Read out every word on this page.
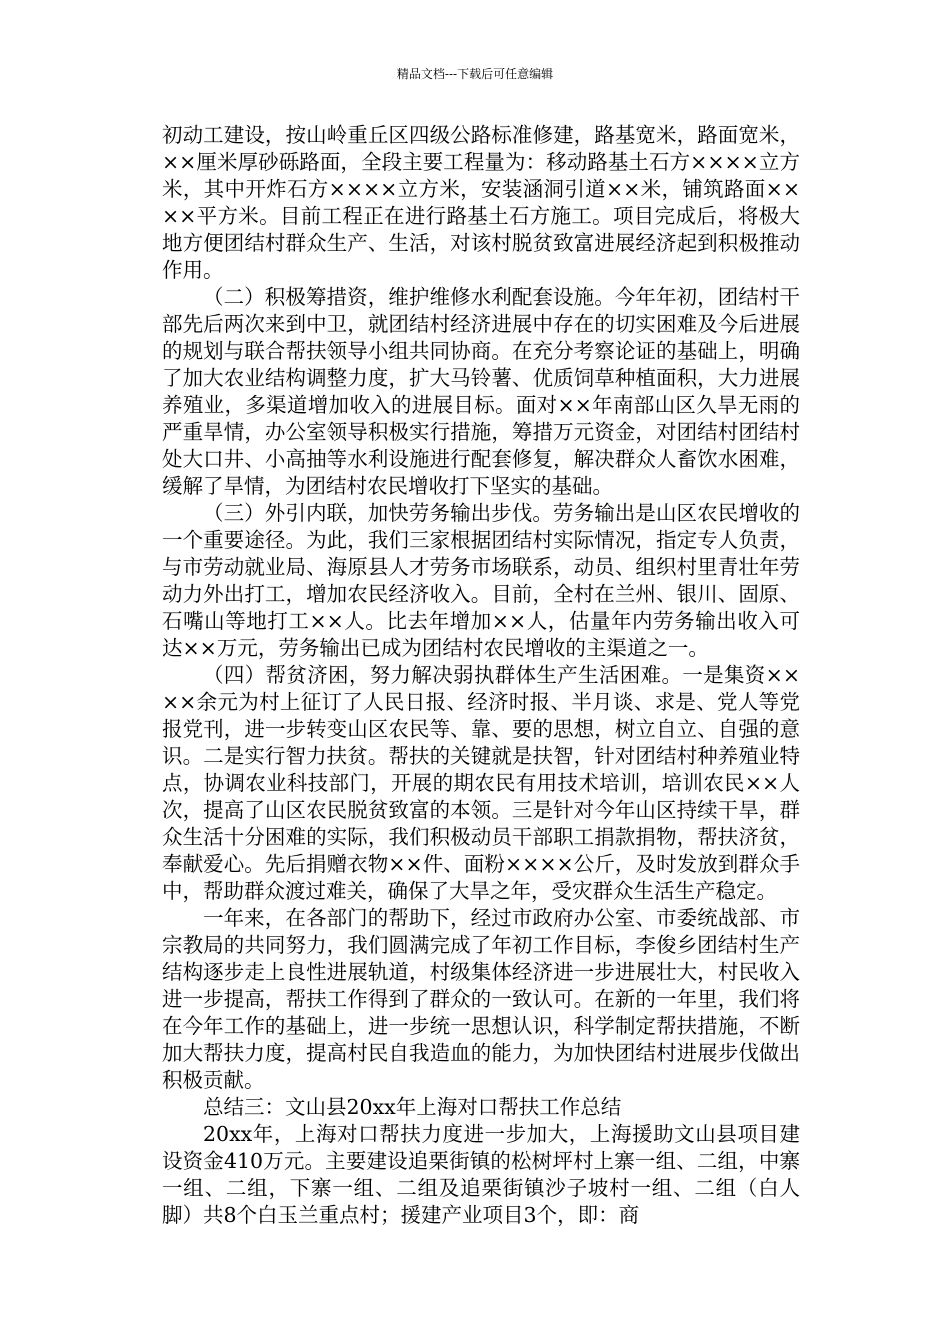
精品文档---下载后可任意编辑

初动工建设，按山岭重丘区四级公路标准修建，路基宽米，路面宽米，××厘米厚砂砾路面，全段主要工程量为：移动路基土石方××××立方米，其中开炸石方××××立方米，安装涵洞引道××米，铺筑路面××××平方米。目前工程正在进行路基土石方施工。项目完成后，将极大地方便团结村群众生产、生活，对该村脱贫致富进展经济起到积极推动作用。

（二）积极筹措资，维护维修水利配套设施。今年年初，团结村干部先后两次来到中卫，就团结村经济进展中存在的切实困难及今后进展的规划与联合帮扶领导小组共同协商。在充分考察论证的基础上，明确了加大农业结构调整力度，扩大马铃薯、优质饲草种植面积，大力进展养殖业，多渠道增加收入的进展目标。面对××年南部山区久旱无雨的严重旱情，办公室领导积极实行措施，筹措万元资金，对团结村团结村处大口井、小高抽等水利设施进行配套修复，解决群众人畜饮水困难，缓解了旱情，为团结村农民增收打下坚实的基础。

（三）外引内联，加快劳务输出步伐。劳务输出是山区农民增收的一个重要途径。为此，我们三家根据团结村实际情况，指定专人负责，与市劳动就业局、海原县人才劳务市场联系，动员、组织村里青壮年劳动力外出打工，增加农民经济收入。目前，全村在兰州、银川、固原、石嘴山等地打工××人。比去年增加××人，估量年内劳务输出收入可达××万元，劳务输出已成为团结村农民增收的主渠道之一。

（四）帮贫济困，努力解决弱执群体生产生活困难。一是集资××××余元为村上征订了人民日报、经济时报、半月谈、求是、党人等党报党刊，进一步转变山区农民等、靠、要的思想，树立自立、自强的意识。二是实行智力扶贫。帮扶的关键就是扶智，针对团结村种养殖业特点，协调农业科技部门，开展的期农民有用技术培训，培训农民××人次，提高了山区农民脱贫致富的本领。三是针对今年山区持续干旱，群众生活十分困难的实际，我们积极动员干部职工捐款捐物，帮扶济贫，奉献爱心。先后捐赠衣物××件、面粉××××公斤，及时发放到群众手中，帮助群众渡过难关，确保了大旱之年，受灾群众生活生产稳定。

一年来，在各部门的帮助下，经过市政府办公室、市委统战部、市宗教局的共同努力，我们圆满完成了年初工作目标，李俊乡团结村生产结构逐步走上良性进展轨道，村级集体经济进一步进展壮大，村民收入进一步提高，帮扶工作得到了群众的一致认可。在新的一年里，我们将在今年工作的基础上，进一步统一思想认识，科学制定帮扶措施，不断加大帮扶力度，提高村民自我造血的能力，为加快团结村进展步伐做出积极贡献。

总结三：文山县20xx年上海对口帮扶工作总结

20xx年，上海对口帮扶力度进一步加大，上海援助文山县项目建设资金410万元。主要建设追栗街镇的松树坪村上寨一组、二组，中寨一组、二组，下寨一组、二组及追栗街镇沙子坡村一组、二组（白人脚）共8个白玉兰重点村；援建产业项目3个，即：商
